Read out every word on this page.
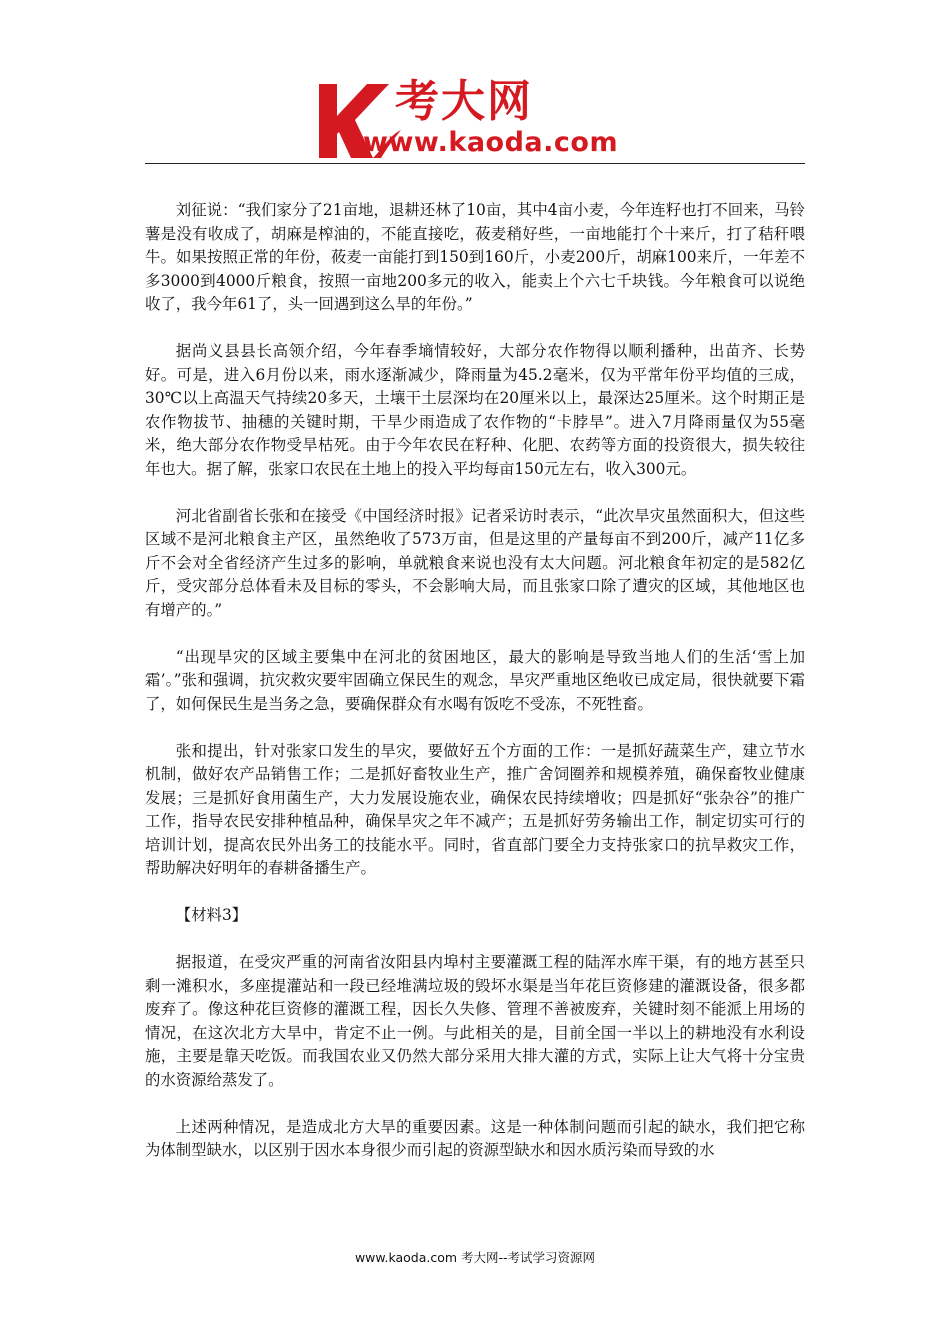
考大网
www.kaoda.com

刘征说：“我们家分了21亩地，退耕还林了10亩，其中4亩小麦，今年连籽也打不回来，马铃薯是没有收成了，胡麻是榨油的，不能直接吃，莜麦稍好些，一亩地能打个十来斤，打了秸秆喂牛。如果按照正常的年份，莜麦一亩能打到150到160斤，小麦200斤，胡麻100来斤，一年差不多3000到4000斤粮食，按照一亩地200多元的收入，能卖上个六七千块钱。今年粮食可以说绝收了，我今年61了，头一回遇到这么旱的年份。”

据尚义县县长高领介绍，今年春季墒情较好，大部分农作物得以顺利播种，出苗齐、长势好。可是，进入6月份以来，雨水逐渐减少，降雨量为45.2毫米，仅为平常年份平均值的三成，30℃以上高温天气持续20多天，土壤干土层深均在20厘米以上，最深达25厘米。这个时期正是农作物拔节、抽穗的关键时期，干旱少雨造成了农作物的“卡脖旱”。进入7月降雨量仅为55毫米，绝大部分农作物受旱枯死。由于今年农民在籽种、化肥、农药等方面的投资很大，损失较往年也大。据了解，张家口农民在土地上的投入平均每亩150元左右，收入300元。

河北省副省长张和在接受《中国经济时报》记者采访时表示，“此次旱灾虽然面积大，但这些区域不是河北粮食主产区，虽然绝收了573万亩，但是这里的产量每亩不到200斤，减产11亿多斤不会对全省经济产生过多的影响，单就粮食来说也没有太大问题。河北粮食年初定的是582亿斤，受灾部分总体看未及目标的零头，不会影响大局，而且张家口除了遭灾的区域，其他地区也有增产的。”

“出现旱灾的区域主要集中在河北的贫困地区，最大的影响是导致当地人们的生活‘雪上加霜’。”张和强调，抗灾救灾要牢固确立保民生的观念，旱灾严重地区绝收已成定局，很快就要下霜了，如何保民生是当务之急，要确保群众有水喝有饭吃不受冻，不死牲畜。

张和提出，针对张家口发生的旱灾，要做好五个方面的工作：一是抓好蔬菜生产，建立节水机制，做好农产品销售工作；二是抓好畜牧业生产，推广舍饲圈养和规模养殖，确保畜牧业健康发展；三是抓好食用菌生产，大力发展设施农业，确保农民持续增收；四是抓好“张杂谷”的推广工作，指导农民安排种植品种，确保旱灾之年不减产；五是抓好劳务输出工作，制定切实可行的培训计划，提高农民外出务工的技能水平。同时，省直部门要全力支持张家口的抗旱救灾工作，帮助解决好明年的春耕备播生产。

【材料3】

据报道，在受灾严重的河南省汝阳县内埠村主要灌溉工程的陆浑水库干渠，有的地方甚至只剩一滩积水，多座提灌站和一段已经堆满垃圾的毁坏水渠是当年花巨资修建的灌溉设备，很多都废弃了。像这种花巨资修的灌溉工程，因长久失修、管理不善被废弃，关键时刻不能派上用场的情况，在这次北方大旱中，肯定不止一例。与此相关的是，目前全国一半以上的耕地没有水利设施，主要是靠天吃饭。而我国农业又仍然大部分采用大排大灌的方式，实际上让大气将十分宝贵的水资源给蒸发了。

上述两种情况，是造成北方大旱的重要因素。这是一种体制问题而引起的缺水，我们把它称为体制型缺水，以区别于因水本身很少而引起的资源型缺水和因水质污染而导致的水

www.kaoda.com 考大网--考试学习资源网
